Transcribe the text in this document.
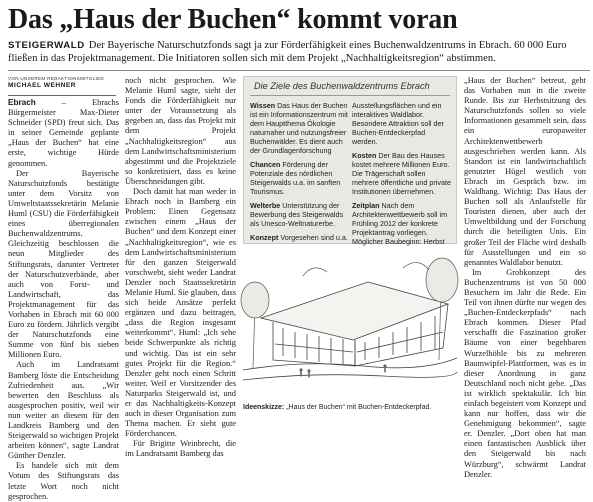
Das „Haus der Buchen“ kommt voran
STEIGERWALD Der Bayerische Naturschutzfonds sagt ja zur Förderfähigkeit eines Buchenwaldzentrums in Ebrach. 60 000 Euro fließen in das Projektmanagement. Die Initiatoren sollen sich mit dem Projekt „Nachhaltigkeitsregion“ abstimmen.
VON UNSEREM REDAKTIONSMITGLIED
MICHAEL WEHNER

Ebrach – Ebrachs Bürgermeister Max-Dieter Schneider (SPD) freut sich. Das in seiner Gemeinde geplante „Haus der Buchen“ hat eine erste, wichtige Hürde genommen.

Der Bayerische Naturschutzfonds bestätigte unter dem Vorsitz von Umweltstaatssekretärin Melanie Huml (CSU) die Förderfähigkeit eines überregionalen Buchenwaldzentrums. Gleichzeitig beschlossen die neun Mitglieder des Stiftungsrats, darunter Vertreter der Naturschutzverbände, aber auch von Forst- und Landwirtschaft, das Projektmanagement für das Vorhaben in Ebrach mit 60 000 Euro zu fördern. Jährlich vergibt der Naturschutzfonds eine Summe von fünf bis sieben Millionen Euro.

Auch im Landratsamt Bamberg löste die Entscheidung Zufriedenheit aus. „Wir bewerten den Beschluss als ausgesprochen positiv, weil wir nun weiter an diesem für den Landkreis Bamberg und den Steigerwald so wichtigen Projekt arbeiten können“, sagte Landrat Günther Denzler.

Es handele sich mit dem Votum des Stiftungsrats das letzte Wort noch nicht gesprochen.

noch nicht gesprochen. Wie Melanie Huml sagte, sieht der Fonds die Förderfähigkeit nur unter der Voraussetzung als gegeben an, dass das Projekt mit dem Projekt „Nachhaltigkeitsregion“ aus dem Landwirtschaftsministerium abgestimmt und die Projektziele so konkretisiert, dass es keine Überschneidungen gibt.

Doch damit hat man weder in Ebrach noch in Bamberg ein Problem: Einen Gegensatz zwischen einem „Haus der Buchen“ und dem Konzept einer „Nachhaltigkeitsregion“, wie es dem Landwirtschaftsministerium für den ganzen Steigerwald vorschwebt, sieht weder Landrat Denzler noch Staatssekretärin Melanie Huml. Sie glauben, dass sich beide Ansätze perfekt ergänzen und dazu beitragen, „dass die Region insgesamt weiterkommt“. Huml: „Ich sehe beide Schwerpunkte als richtig und wichtig. Das ist ein sehr gutes Projekt für die Region.“ Denzler geht noch einen Schritt weiter. Weil er Vorsitzender des Naturparks Steigerwald ist, und er das Nachhaltigkeits-Konzept auch in dieser Organisation zum Thema machen. Er sieht gute Förderchancen.

Für Brigitte Weinbrecht, die im Landratsamt Bamberg das

Die Ziele des Buchenwaldzentrums Ebrach
Wissen Das Haus der Buchen ist ein Informationszentrum mit dem Hauptthema Ökologie naturnaher und nutzungsfreier Buchenwälder. Es dient auch der Grundlagenforschung
Chancen Förderung der Potenziale des nördlichen Steigerwalds u.a. im sanften Tourismus.
Welterbe Unterstützung der Bewerbung des Steigerwalds als Unesco-Weltnaturerbe.
Konzept Vorgesehen sind u.a.
Ausstellungsflächen und ein interaktives Waldlabor. Besondere Attraktion soll der Buchen-Entdeckerpfad werden.
Kosten Der Bau des Hauses kostet mehrere Millionen Euro. Die Trägerschaft sollen mehrere öffentliche und private Institutionen übernehmen.
Zeitplan Nach dem Architektenwettbewerb soll im Frühling 2012 der konkrete Projektantrag vorliegen. Möglicher Baubeginn: Herbst
Ideenskizze: „Haus der Buchen“ mit Buchen-Entdeckerpfad.

„Haus der Buchen“ betreut, geht das Vorhaben nun in die zweite Runde. Bis zur Herbstsitzung des Naturschutzfonds sollen so viele Informationen gesammelt sein, dass ein europaweiter Architektenwettbewerb ausgeschrieben werden kann. Als Standort ist ein landwirtschaftlich genutzter Hügel westlich von Ebrach im Gespräch bzw. im Waldhang. Wichtig: Das Haus der Buchen soll als Anlaufstelle für Touristen dienen, aber auch der Umweltbildung und der Forschung durch die beteiligten Unis. Ein großer Teil der Fläche wird deshalb für Ausstellungen und ein so genanntes Waldlabor benutzt.

Im Grobkonzept des Buchenzentrums ist von 50 000 Besuchern im Jahr die Rede. Ein Teil von ihnen dürfte nur wegen des „Buchen-Entdeckerpfads“ nach Ebrach kommen. Dieser Pfad verschafft die Faszination großer Bäume von einer begehbaren Wurzelhöhle bis zu mehreren Baumwipfel-Plattformen, was es in dieser Anordnung in ganz Deutschland noch nicht gebe. „Das ist wirklich spektakulär. Ich bin einfach begeistert vom Konzept und kann nur hoffen, dass wir die Genehmigung bekommen“, sagte er. Denzler. „Dort oben hat man einen fantastischen Ausblick über den Steigerwald bis nach Würzburg“, schwärmt Landrat Denzler.
